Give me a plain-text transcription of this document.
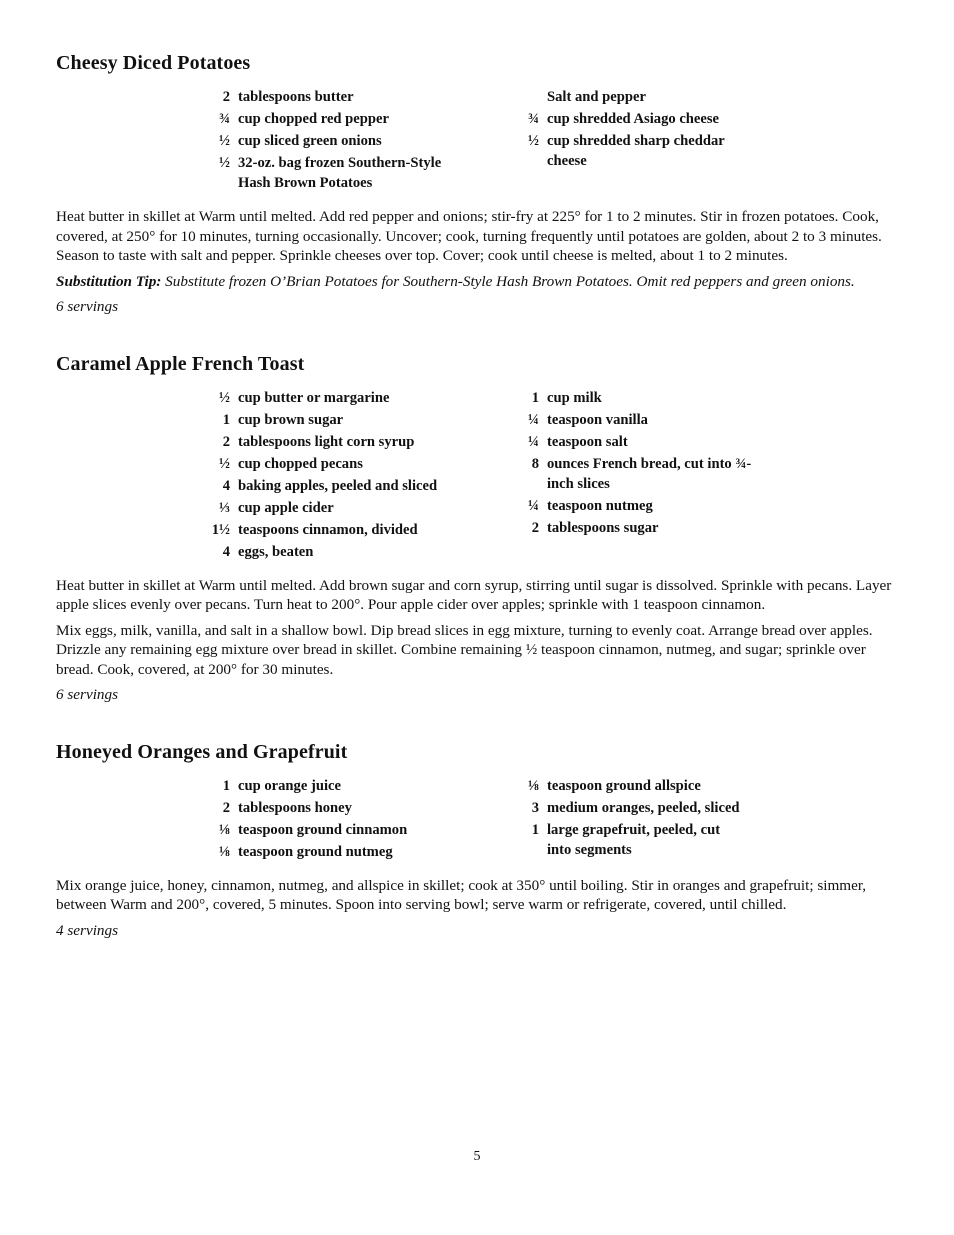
Cheesy Diced Potatoes
2 tablespoons butter
¾ cup chopped red pepper
½ cup sliced green onions
½ 32-oz. bag frozen Southern-Style Hash Brown Potatoes
Salt and pepper
¾ cup shredded Asiago cheese
½ cup shredded sharp cheddar cheese

Heat butter in skillet at Warm until melted. Add red pepper and onions; stir-fry at 225° for 1 to 2 minutes. Stir in frozen potatoes. Cook, covered, at 250° for 10 minutes, turning occasionally. Uncover; cook, turning frequently until potatoes are golden, about 2 to 3 minutes. Season to taste with salt and pepper. Sprinkle cheeses over top. Cover; cook until cheese is melted, about 1 to 2 minutes.

Substitution Tip: Substitute frozen O’Brian Potatoes for Southern-Style Hash Brown Potatoes. Omit red peppers and green onions.

6 servings

Caramel Apple French Toast
½ cup butter or margarine
1 cup brown sugar
2 tablespoons light corn syrup
½ cup chopped pecans
4 baking apples, peeled and sliced
⅓ cup apple cider
1½ teaspoons cinnamon, divided
4 eggs, beaten
1 cup milk
¼ teaspoon vanilla
¼ teaspoon salt
8 ounces French bread, cut into ¾-inch slices
¼ teaspoon nutmeg
2 tablespoons sugar

Heat butter in skillet at Warm until melted. Add brown sugar and corn syrup, stirring until sugar is dissolved. Sprinkle with pecans. Layer apple slices evenly over pecans. Turn heat to 200°. Pour apple cider over apples; sprinkle with 1 teaspoon cinnamon.

Mix eggs, milk, vanilla, and salt in a shallow bowl. Dip bread slices in egg mixture, turning to evenly coat. Arrange bread over apples. Drizzle any remaining egg mixture over bread in skillet. Combine remaining ½ teaspoon cinnamon, nutmeg, and sugar; sprinkle over bread. Cook, covered, at 200° for 30 minutes.

6 servings

Honeyed Oranges and Grapefruit
1 cup orange juice
2 tablespoons honey
⅛ teaspoon ground cinnamon
⅛ teaspoon ground nutmeg
⅛ teaspoon ground allspice
3 medium oranges, peeled, sliced
1 large grapefruit, peeled, cut into segments

Mix orange juice, honey, cinnamon, nutmeg, and allspice in skillet; cook at 350° until boiling. Stir in oranges and grapefruit; simmer, between Warm and 200°, covered, 5 minutes. Spoon into serving bowl; serve warm or refrigerate, covered, until chilled.

4 servings

5
